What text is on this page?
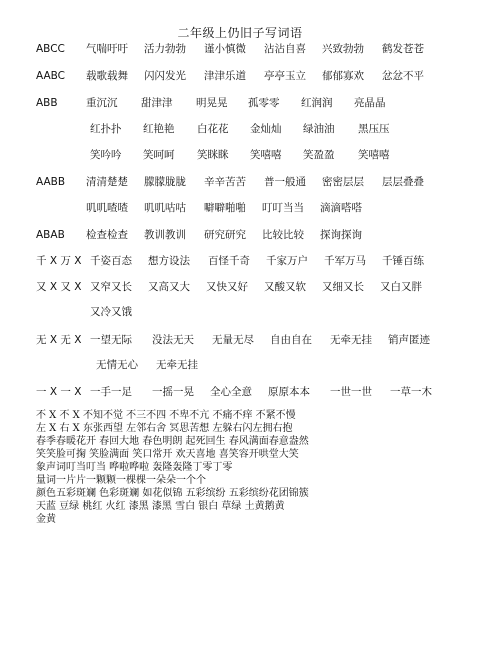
二年级上仍旧子写词语
ABCC 气喘吁吁 活力勃勃 谨小慎微 沾沾自喜 兴致勃勃 鹤发苍苍
AABC 载歌载舞 闪闪发光 津津乐道 亭亭玉立 郁郁寡欢 忿忿不平
ABB	重沉沉 甜津津 明晃晃 孤零零 红润润 亮晶晶
红扑扑 红艳艳 白花花 金灿灿 绿油油 黑压压
笑吟吟 笑呵呵 笑眯眯 笑嘻嘻 笑盈盈 笑嘻嘻
AABB 清清楚楚 朦朦胧胧 辛辛苦苦 普一般通 密密层层 层层叠叠
叽叽喳喳 叽叽咕咕 噼噼啪啪 叮叮当当 滴滴嗒嗒
ABAB 检查检查 教训教训 研究研究 比较比较 探询探询
千 X 万 X 千姿百态 想方设法 百怪千奇 千家万户 千军万马 千锤百练
又 X 又 X 又窄又长 又高又大 又快又好 又酸又软 又细又长 又白又胖
又冷又饿
无 X 无 X 一望无际 没法无天 无量无尽 自由自在 无牵无挂 销声匿迹
无情无心 无牵无挂
一 X 一 X 一手一足 一摇一晃 全心全意 原原本本 一世一世 一草一木
不 X 不 X 不知不觉 不三不四 不卑不亢 不痛不痒 不紧不慢
左 X 右 X 东张西望 左邻右舍 冥思苦想 左躲右闪左拥右抱
春季春暖花开 春回大地 春色明朗 起死回生 春风满面春意盎然
笑笑脸可掬 笑脸满面 笑口常开 欢天喜地 喜笑容开哄堂大笑
象声词叮当叮当 哗啦哗啦 轰隆轰隆丁零丁零
量词一片片一颗颗一棵棵一朵朵一个个
颜色五彩斑斓 色彩斑斓 如花似锦 五彩缤纷 五彩缤纷花团锦簇
天蓝 豆绿 桃红 火红 漆黑 漆黑 雪白 银白 草绿 土黄鹅黄
金黄
